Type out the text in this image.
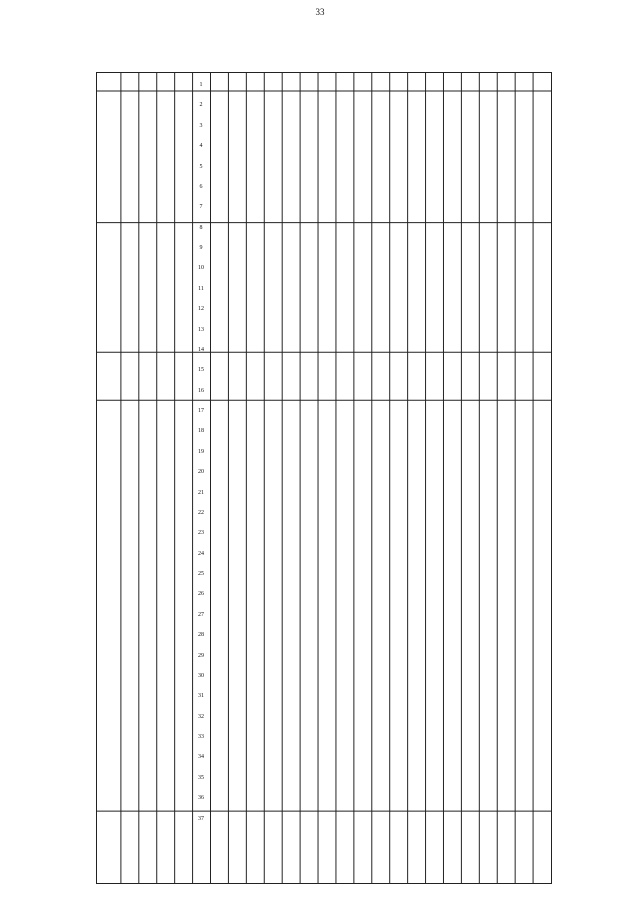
33
1
2
3
4
5
6
7
8
9
10
11
12
13
14
15
16
17
18
19
20
21
22
23
24
25
26
27
28
29
30
31
32
33
34
35
36
37
